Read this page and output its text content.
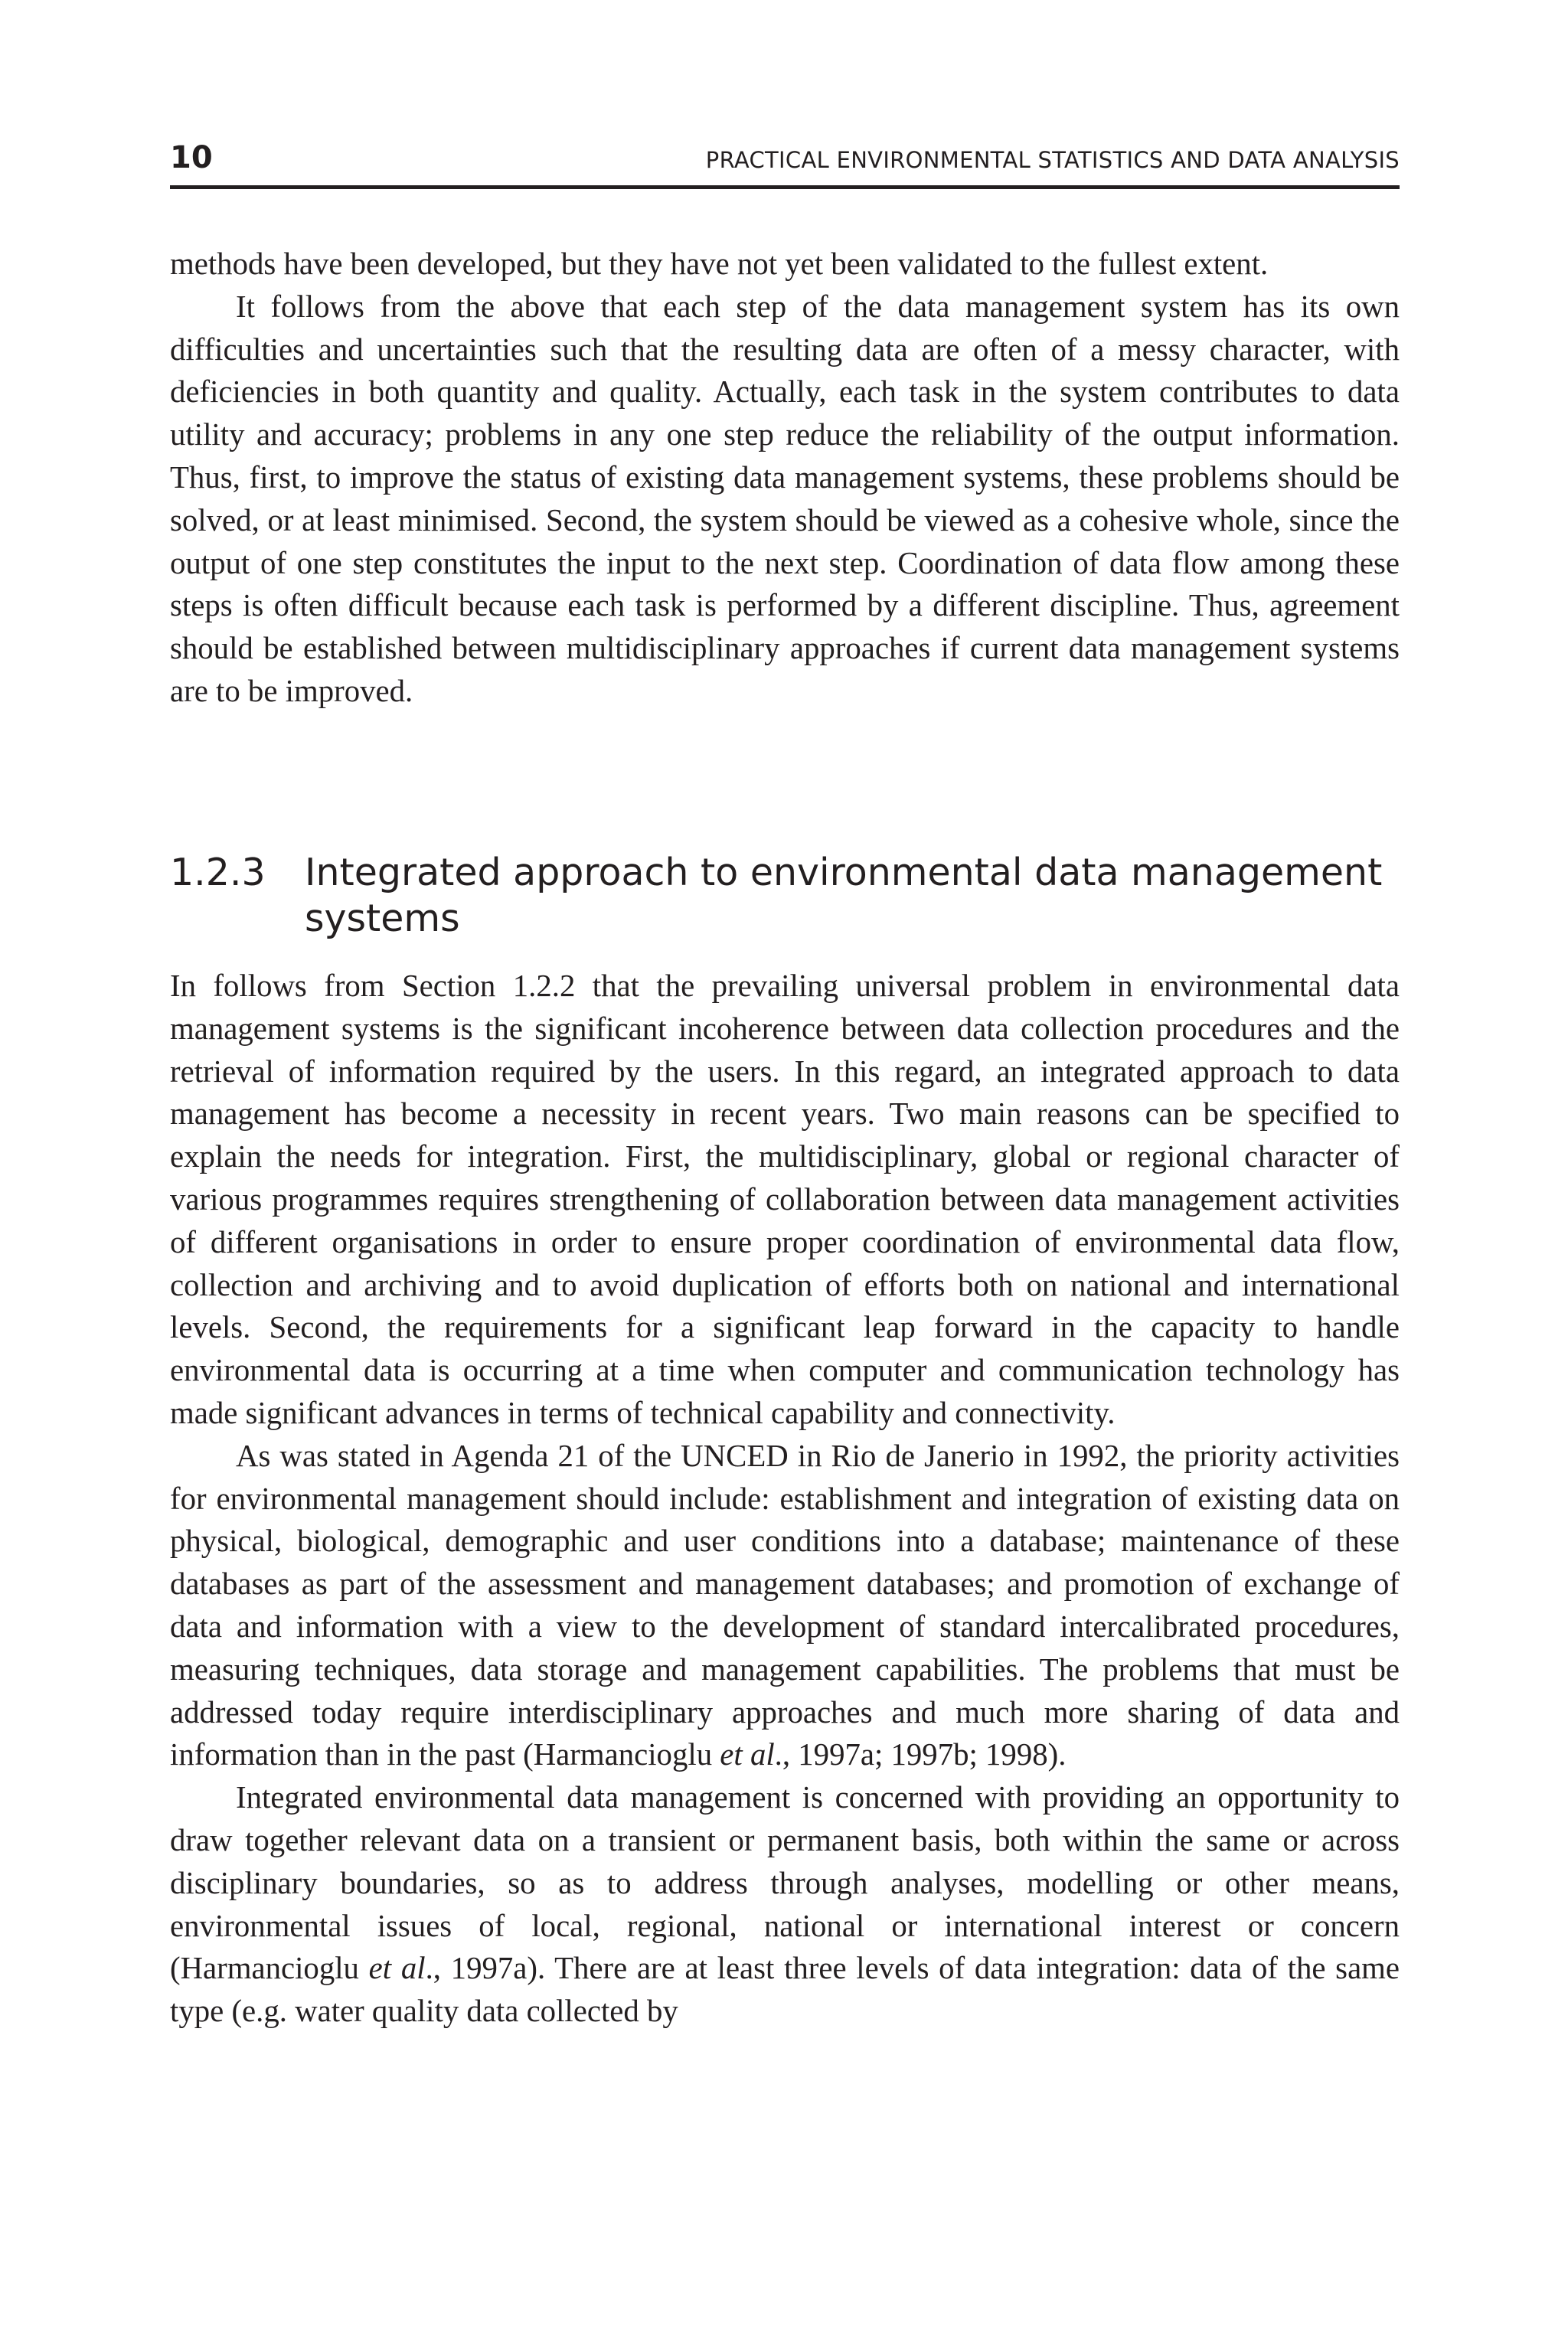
10	PRACTICAL ENVIRONMENTAL STATISTICS AND DATA ANALYSIS

methods have been developed, but they have not yet been validated to the fullest extent.

It follows from the above that each step of the data management system has its own difficulties and uncertainties such that the resulting data are often of a messy character, with deficiencies in both quantity and quality. Actually, each task in the system contributes to data utility and accuracy; problems in any one step reduce the reliability of the output information. Thus, first, to improve the status of existing data management systems, these problems should be solved, or at least minimised. Second, the system should be viewed as a cohesive whole, since the output of one step constitutes the input to the next step. Coordination of data flow among these steps is often difficult because each task is performed by a different discipline. Thus, agreement should be established between multidisciplinary approaches if current data management systems are to be improved.

1.2.3	Integrated approach to environmental data management systems

In follows from Section 1.2.2 that the prevailing universal problem in environmental data management systems is the significant incoherence between data collection procedures and the retrieval of information required by the users. In this regard, an integrated approach to data management has become a necessity in recent years. Two main reasons can be specified to explain the needs for integration. First, the multidisciplinary, global or regional character of various programmes requires strengthening of collaboration between data management activities of different organisations in order to ensure proper coordination of environmental data flow, collection and archiving and to avoid duplication of efforts both on national and international levels. Second, the requirements for a significant leap forward in the capacity to handle environmental data is occurring at a time when computer and communication technology has made significant advances in terms of technical capability and connectivity.

As was stated in Agenda 21 of the UNCED in Rio de Janerio in 1992, the priority activities for environmental management should include: establishment and integration of existing data on physical, biological, demographic and user conditions into a database; maintenance of these databases as part of the assessment and management databases; and promotion of exchange of data and information with a view to the development of standard intercalibrated procedures, measuring techniques, data storage and management capabilities. The problems that must be addressed today require interdisciplinary approaches and much more sharing of data and information than in the past (Harmancioglu et al., 1997a; 1997b; 1998).

Integrated environmental data management is concerned with providing an opportunity to draw together relevant data on a transient or permanent basis, both within the same or across disciplinary boundaries, so as to address through analyses, modelling or other means, environmental issues of local, regional, national or international interest or concern (Harmancioglu et al., 1997a). There are at least three levels of data integration: data of the same type (e.g. water quality data collected by
